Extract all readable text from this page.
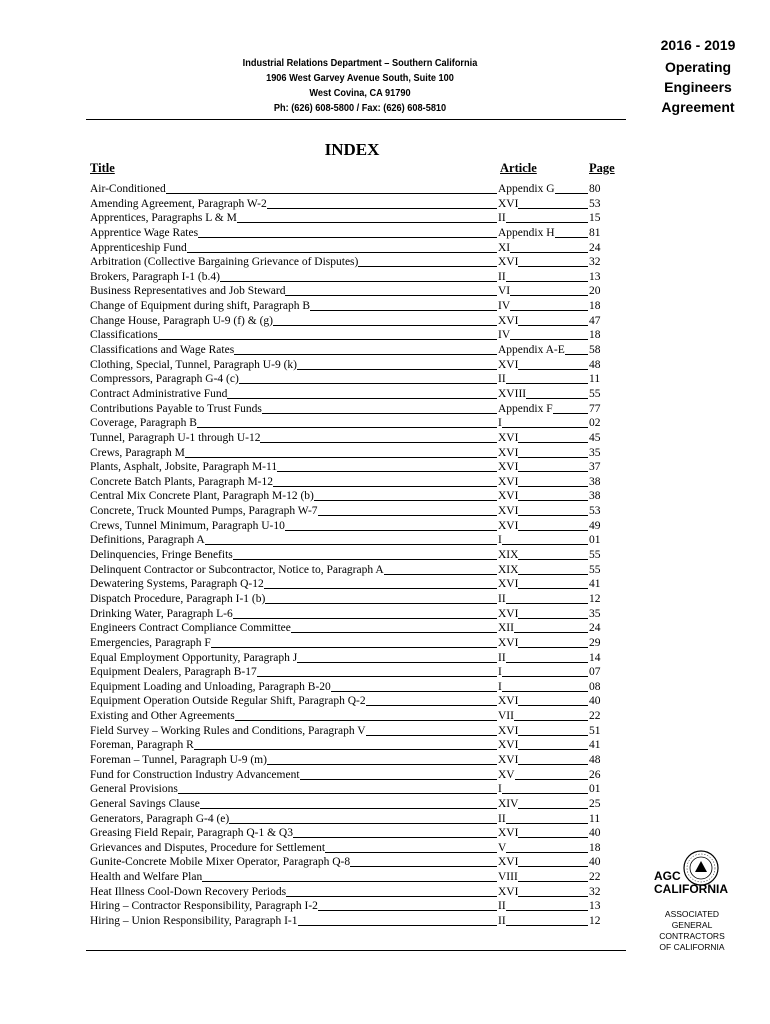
Industrial Relations Department – Southern California
1906 West Garvey Avenue South, Suite 100
West Covina, CA 91790
Ph: (626) 608-5800 / Fax: (626) 608-5810
2016 - 2019
Operating
Engineers
Agreement
INDEX
Title	Article	Page
Air-Conditioned	Appendix G	80
Amending Agreement, Paragraph W-2	XVI	53
Apprentices, Paragraphs L & M	II	15
Apprentice Wage Rates	Appendix H	81
Apprenticeship Fund	XI	24
Arbitration (Collective Bargaining Grievance of Disputes)	XVI	32
Brokers, Paragraph I-1 (b.4)	II	13
Business Representatives and Job Steward	VI	20
Change of Equipment during shift, Paragraph B	IV	18
Change House, Paragraph U-9 (f) & (g)	XVI	47
Classifications	IV	18
Classifications and Wage Rates	Appendix A-E	58
Clothing, Special, Tunnel, Paragraph U-9 (k)	XVI	48
Compressors, Paragraph G-4 (c)	II	11
Contract Administrative Fund	XVIII	55
Contributions Payable to Trust Funds	Appendix F	77
Coverage, Paragraph B	I	02
Tunnel, Paragraph U-1 through U-12	XVI	45
Crews, Paragraph M	XVI	35
Plants, Asphalt, Jobsite, Paragraph M-11	XVI	37
Concrete Batch Plants, Paragraph M-12	XVI	38
Central Mix Concrete Plant, Paragraph M-12 (b)	XVI	38
Concrete, Truck Mounted Pumps, Paragraph W-7	XVI	53
Crews, Tunnel Minimum, Paragraph U-10	XVI	49
Definitions, Paragraph A	I	01
Delinquencies, Fringe Benefits	XIX	55
Delinquent Contractor or Subcontractor, Notice to, Paragraph A	XIX	55
Dewatering Systems, Paragraph Q-12	XVI	41
Dispatch Procedure, Paragraph I-1 (b)	II	12
Drinking Water, Paragraph L-6	XVI	35
Engineers Contract Compliance Committee	XII	24
Emergencies, Paragraph F	XVI	29
Equal Employment Opportunity, Paragraph J	II	14
Equipment Dealers, Paragraph B-17	I	07
Equipment Loading and Unloading, Paragraph B-20	I	08
Equipment Operation Outside Regular Shift, Paragraph Q-2	XVI	40
Existing and Other Agreements	VII	22
Field Survey – Working Rules and Conditions, Paragraph V	XVI	51
Foreman, Paragraph R	XVI	41
Foreman – Tunnel, Paragraph U-9 (m)	XVI	48
Fund for Construction Industry Advancement	XV	26
General Provisions	I	01
General Savings Clause	XIV	25
Generators, Paragraph G-4 (e)	II	11
Greasing Field Repair, Paragraph Q-1 & Q3	XVI	40
Grievances and Disputes, Procedure for Settlement	V	18
Gunite-Concrete Mobile Mixer Operator, Paragraph Q-8	XVI	40
Health and Welfare Plan	VIII	22
Heat Illness Cool-Down Recovery Periods	XVI	32
Hiring – Contractor Responsibility, Paragraph I-2	II	13
Hiring – Union Responsibility, Paragraph I-1	II	12
AGC
CALIFORNIA
ASSOCIATED
GENERAL
CONTRACTORS
OF CALIFORNIA
